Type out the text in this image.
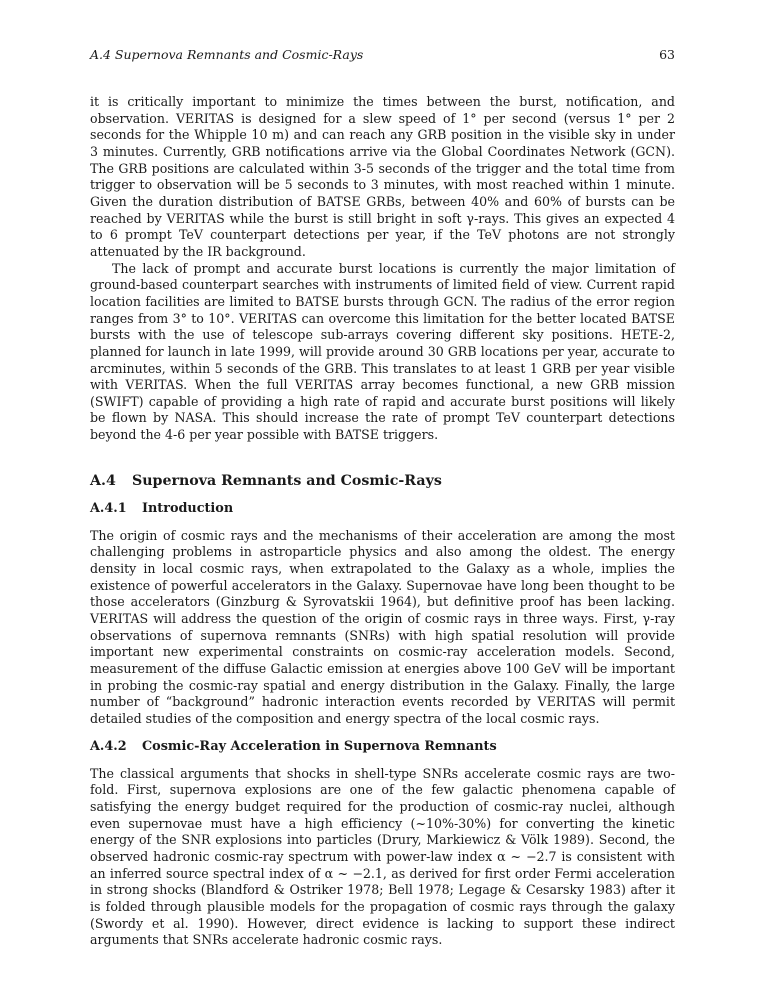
A.4 Supernova Remnants and Cosmic-Rays	63

it is critically important to minimize the times between the burst, notification, and observation. VERITAS is designed for a slew speed of 1° per second (versus 1° per 2 seconds for the Whipple 10 m) and can reach any GRB position in the visible sky in under 3 minutes. Currently, GRB notifications arrive via the Global Coordinates Network (GCN). The GRB positions are calculated within 3-5 seconds of the trigger and the total time from trigger to observation will be 5 seconds to 3 minutes, with most reached within 1 minute. Given the duration distribution of BATSE GRBs, between 40% and 60% of bursts can be reached by VERITAS while the burst is still bright in soft γ-rays. This gives an expected 4 to 6 prompt TeV counterpart detections per year, if the TeV photons are not strongly attenuated by the IR background.

The lack of prompt and accurate burst locations is currently the major limitation of ground-based counterpart searches with instruments of limited field of view. Current rapid location facilities are limited to BATSE bursts through GCN. The radius of the error region ranges from 3° to 10°. VERITAS can overcome this limitation for the better located BATSE bursts with the use of telescope sub-arrays covering different sky positions. HETE-2, planned for launch in late 1999, will provide around 30 GRB locations per year, accurate to arcminutes, within 5 seconds of the GRB. This translates to at least 1 GRB per year visible with VERITAS. When the full VERITAS array becomes functional, a new GRB mission (SWIFT) capable of providing a high rate of rapid and accurate burst positions will likely be flown by NASA. This should increase the rate of prompt TeV counterpart detections beyond the 4-6 per year possible with BATSE triggers.

A.4 Supernova Remnants and Cosmic-Rays
A.4.1 Introduction

The origin of cosmic rays and the mechanisms of their acceleration are among the most challenging problems in astroparticle physics and also among the oldest. The energy density in local cosmic rays, when extrapolated to the Galaxy as a whole, implies the existence of powerful accelerators in the Galaxy. Supernovae have long been thought to be those accelerators (Ginzburg & Syrovatskii 1964), but definitive proof has been lacking. VERITAS will address the question of the origin of cosmic rays in three ways. First, γ-ray observations of supernova remnants (SNRs) with high spatial resolution will provide important new experimental constraints on cosmic-ray acceleration models. Second, measurement of the diffuse Galactic emission at energies above 100 GeV will be important in probing the cosmic-ray spatial and energy distribution in the Galaxy. Finally, the large number of “background” hadronic interaction events recorded by VERITAS will permit detailed studies of the composition and energy spectra of the local cosmic rays.

A.4.2 Cosmic-Ray Acceleration in Supernova Remnants

The classical arguments that shocks in shell-type SNRs accelerate cosmic rays are two-fold. First, supernova explosions are one of the few galactic phenomena capable of satisfying the energy budget required for the production of cosmic-ray nuclei, although even supernovae must have a high efficiency (~10%-30%) for converting the kinetic energy of the SNR explosions into particles (Drury, Markiewicz & Völk 1989). Second, the observed hadronic cosmic-ray spectrum with power-law index α ~ −2.7 is consistent with an inferred source spectral index of α ~ −2.1, as derived for first order Fermi acceleration in strong shocks (Blandford & Ostriker 1978; Bell 1978; Legage & Cesarsky 1983) after it is folded through plausible models for the propagation of cosmic rays through the galaxy (Swordy et al. 1990). However, direct evidence is lacking to support these indirect arguments that SNRs accelerate hadronic cosmic rays.
